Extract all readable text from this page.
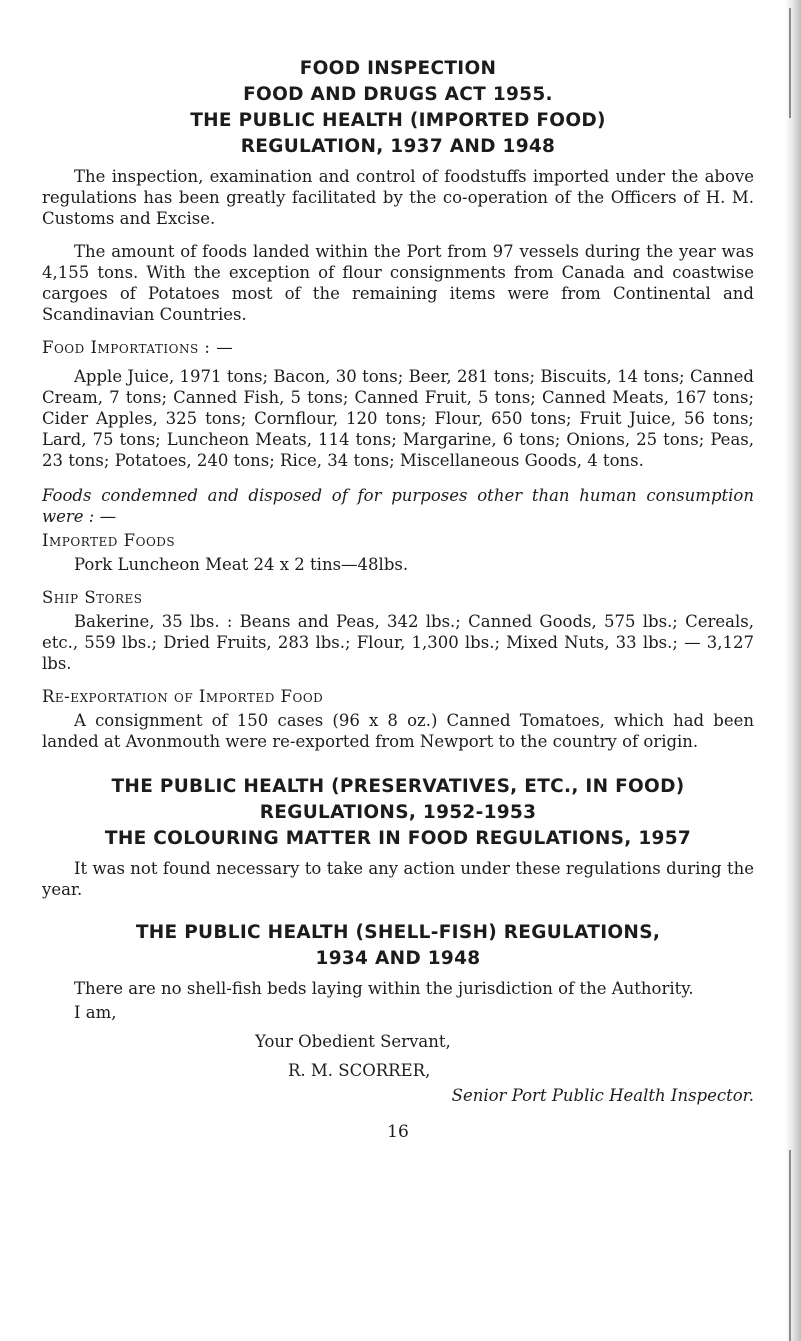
FOOD INSPECTION
FOOD AND DRUGS ACT 1955.
THE PUBLIC HEALTH (IMPORTED FOOD)
REGULATION, 1937 AND 1948

The inspection, examination and control of foodstuffs imported under the above regulations has been greatly facilitated by the co-operation of the Officers of H. M. Customs and Excise.

The amount of foods landed within the Port from 97 vessels during the year was 4,155 tons. With the exception of flour consignments from Canada and coastwise cargoes of Potatoes most of the remaining items were from Continental and Scandinavian Countries.

Food Importations : —

Apple Juice, 1971 tons; Bacon, 30 tons; Beer, 281 tons; Biscuits, 14 tons; Canned Cream, 7 tons; Canned Fish, 5 tons; Canned Fruit, 5 tons; Canned Meats, 167 tons; Cider Apples, 325 tons; Cornflour, 120 tons; Flour, 650 tons; Fruit Juice, 56 tons; Lard, 75 tons; Luncheon Meats, 114 tons; Margarine, 6 tons; Onions, 25 tons; Peas, 23 tons; Potatoes, 240 tons; Rice, 34 tons; Miscellaneous Goods, 4 tons.

Foods condemned and disposed of for purposes other than human consumption were : —

Imported Foods

Pork Luncheon Meat 24 x 2 tins—48lbs.

Ship Stores

Bakerine, 35 lbs. : Beans and Peas, 342 lbs.; Canned Goods, 575 lbs.; Cereals, etc., 559 lbs.; Dried Fruits, 283 lbs.; Flour, 1,300 lbs.; Mixed Nuts, 33 lbs.; — 3,127 lbs.

Re-exportation of Imported Food

A consignment of 150 cases (96 x 8 oz.) Canned Tomatoes, which had been landed at Avonmouth were re-exported from Newport to the country of origin.

THE PUBLIC HEALTH (PRESERVATIVES, ETC., IN FOOD)
REGULATIONS, 1952-1953
THE COLOURING MATTER IN FOOD REGULATIONS, 1957

It was not found necessary to take any action under these regulations during the year.

THE PUBLIC HEALTH (SHELL-FISH) REGULATIONS,
1934 AND 1948

There are no shell-fish beds laying within the jurisdiction of the Authority.

I am,
Your Obedient Servant,
R. M. SCORRER,
Senior Port Public Health Inspector.
16
